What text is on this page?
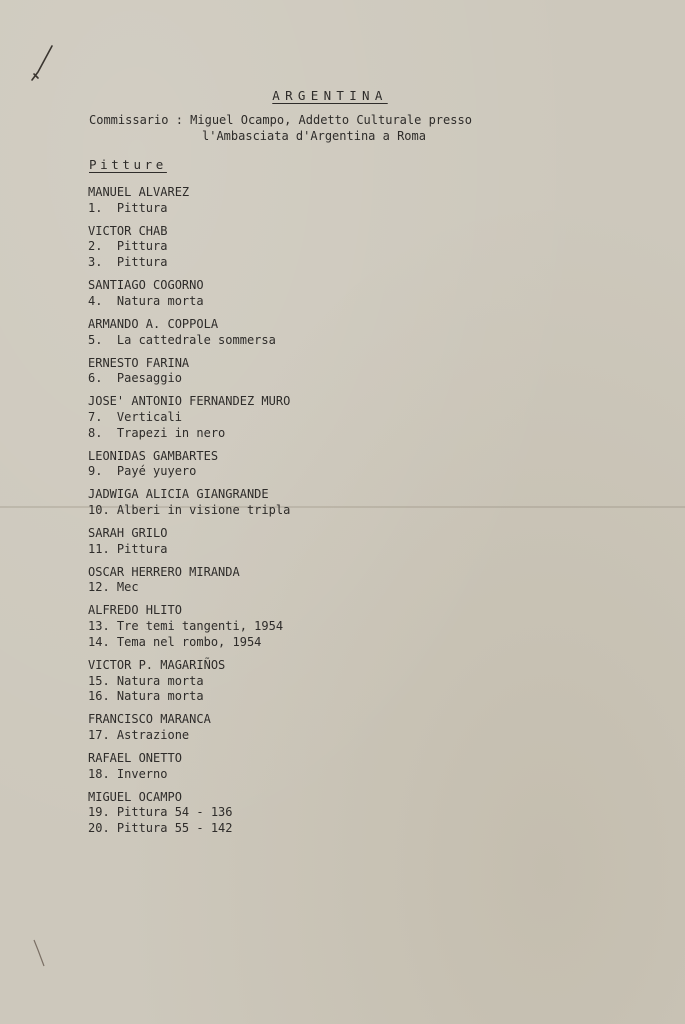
ARGENTINA
Commissario : Miguel Ocampo, Addetto Culturale presso
l'Ambasciata d'Argentina a Roma
Pitture
MANUEL ALVAREZ
1.  Pittura
VICTOR CHAB
2.  Pittura
3.  Pittura
SANTIAGO COGORNO
4.  Natura morta
ARMANDO A. COPPOLA
5.  La cattedrale sommersa
ERNESTO FARINA
6.  Paesaggio
JOSE' ANTONIO FERNANDEZ MURO
7.  Verticali
8.  Trapezi in nero
LEONIDAS GAMBARTES
9.  Payé yuyero
JADWIGA ALICIA GIANGRANDE
10. Alberi in visione tripla
SARAH GRILO
11. Pittura
OSCAR HERRERO MIRANDA
12. Mec
ALFREDO HLITO
13. Tre temi tangenti, 1954
14. Tema nel rombo, 1954
VICTOR P. MAGARIÑOS
15. Natura morta
16. Natura morta
FRANCISCO MARANCA
17. Astrazione
RAFAEL ONETTO
18. Inverno
MIGUEL OCAMPO
19. Pittura 54 - 136
20. Pittura 55 - 142
